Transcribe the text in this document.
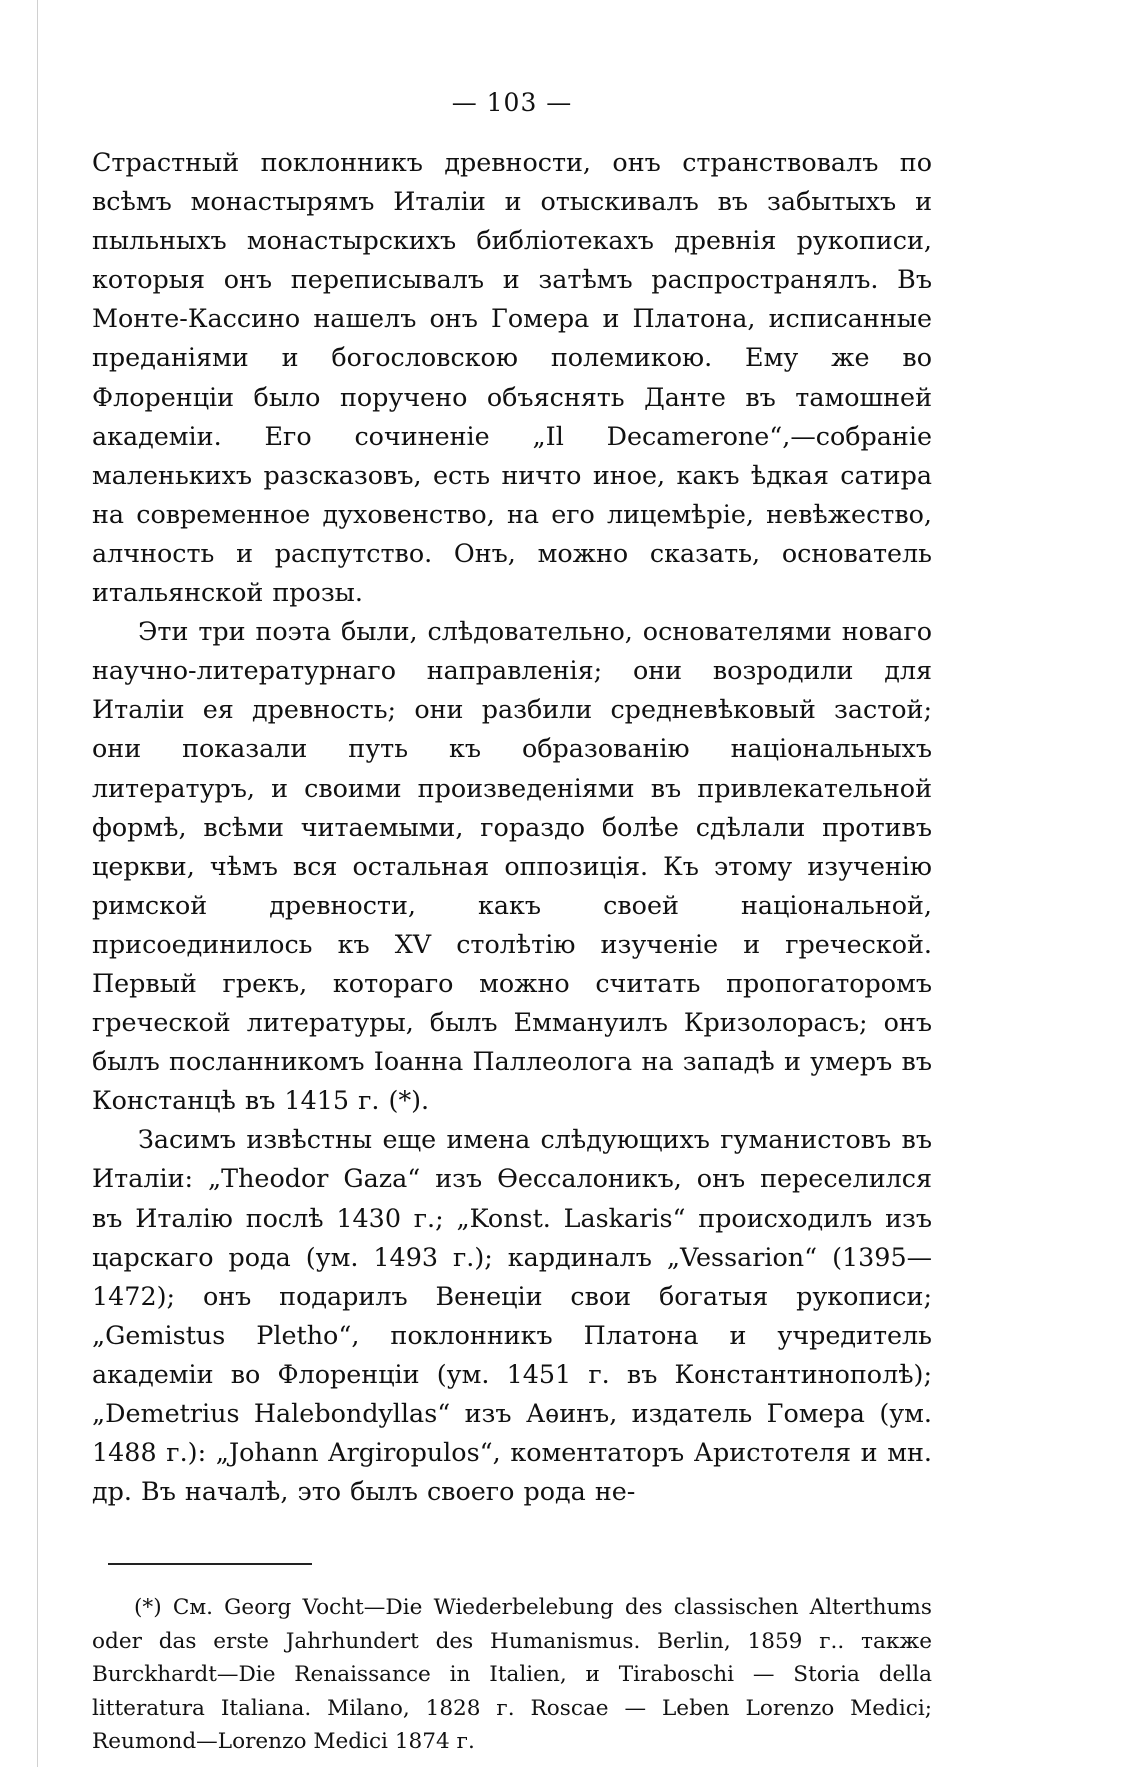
— 103 —

Страстный поклонникъ древности, онъ странствовалъ по всѣмъ монастырямъ Италіи и отыскивалъ въ забытыхъ и пыльныхъ монастырскихъ библіотекахъ древнія рукописи, которыя онъ переписывалъ и затѣмъ распространялъ. Въ Монте-Кассино нашелъ онъ Гомера и Платона, исписанные преданіями и богословскою полемикою. Ему же во Флоренціи было поручено объяснять Данте въ тамошней академіи. Его сочиненіе „Il Decamerone“,—собраніе маленькихъ разсказовъ, есть ничто иное, какъ ѣдкая сатира на современное духовенство, на его лицемѣріе, невѣжество, алчность и распутство. Онъ, можно сказать, основатель итальянской прозы.

Эти три поэта были, слѣдовательно, основателями новаго научно-литературнаго направленія; они возродили для Италіи ея древность; они разбили средневѣковый застой; они показали путь къ образованію національныхъ литературъ, и своими произведеніями въ привлекательной формѣ, всѣми читаемыми, гораздо болѣе сдѣлали противъ церкви, чѣмъ вся остальная оппозиція. Къ этому изученію римской древности, какъ своей національной, присоединилось къ XV столѣтію изученіе и греческой. Первый грекъ, котораго можно считать пропогаторомъ греческой литературы, былъ Еммануилъ Кризолорасъ; онъ былъ посланникомъ Іоанна Паллеолога на западѣ и умеръ въ Констанцѣ въ 1415 г. (*).

Засимъ извѣстны еще имена слѣдующихъ гуманистовъ въ Италіи: „Theodor Gaza“ изъ Ѳессалоникъ, онъ переселился въ Италію послѣ 1430 г.; „Konst. Laskaris“ происходилъ изъ царскаго рода (ум. 1493 г.); кардиналъ „Vessarion“ (1395—1472); онъ подарилъ Венеціи свои богатыя рукописи; „Gemistus Pletho“, поклонникъ Платона и учредитель академіи во Флоренціи (ум. 1451 г. въ Константинополѣ); „Demetrius Halebondyllas“ изъ Аѳинъ, издатель Гомера (ум. 1488 г.): „Johann Argiropulos“, коментаторъ Аристотеля и мн. др. Въ началѣ, это былъ своего рода не-

(*) См. Georg Vocht—Die Wiederbelebung des classischen Alterthums oder das erste Jahrhundert des Humanismus. Berlin, 1859 г.. также Burckhardt—Die Renaissance in Italien, и Tiraboschi — Storia della litteratura Italiana. Milano, 1828 г. Roscae — Leben Lorenzo Medici; Reumond—Lorenzo Medici 1874 г.
